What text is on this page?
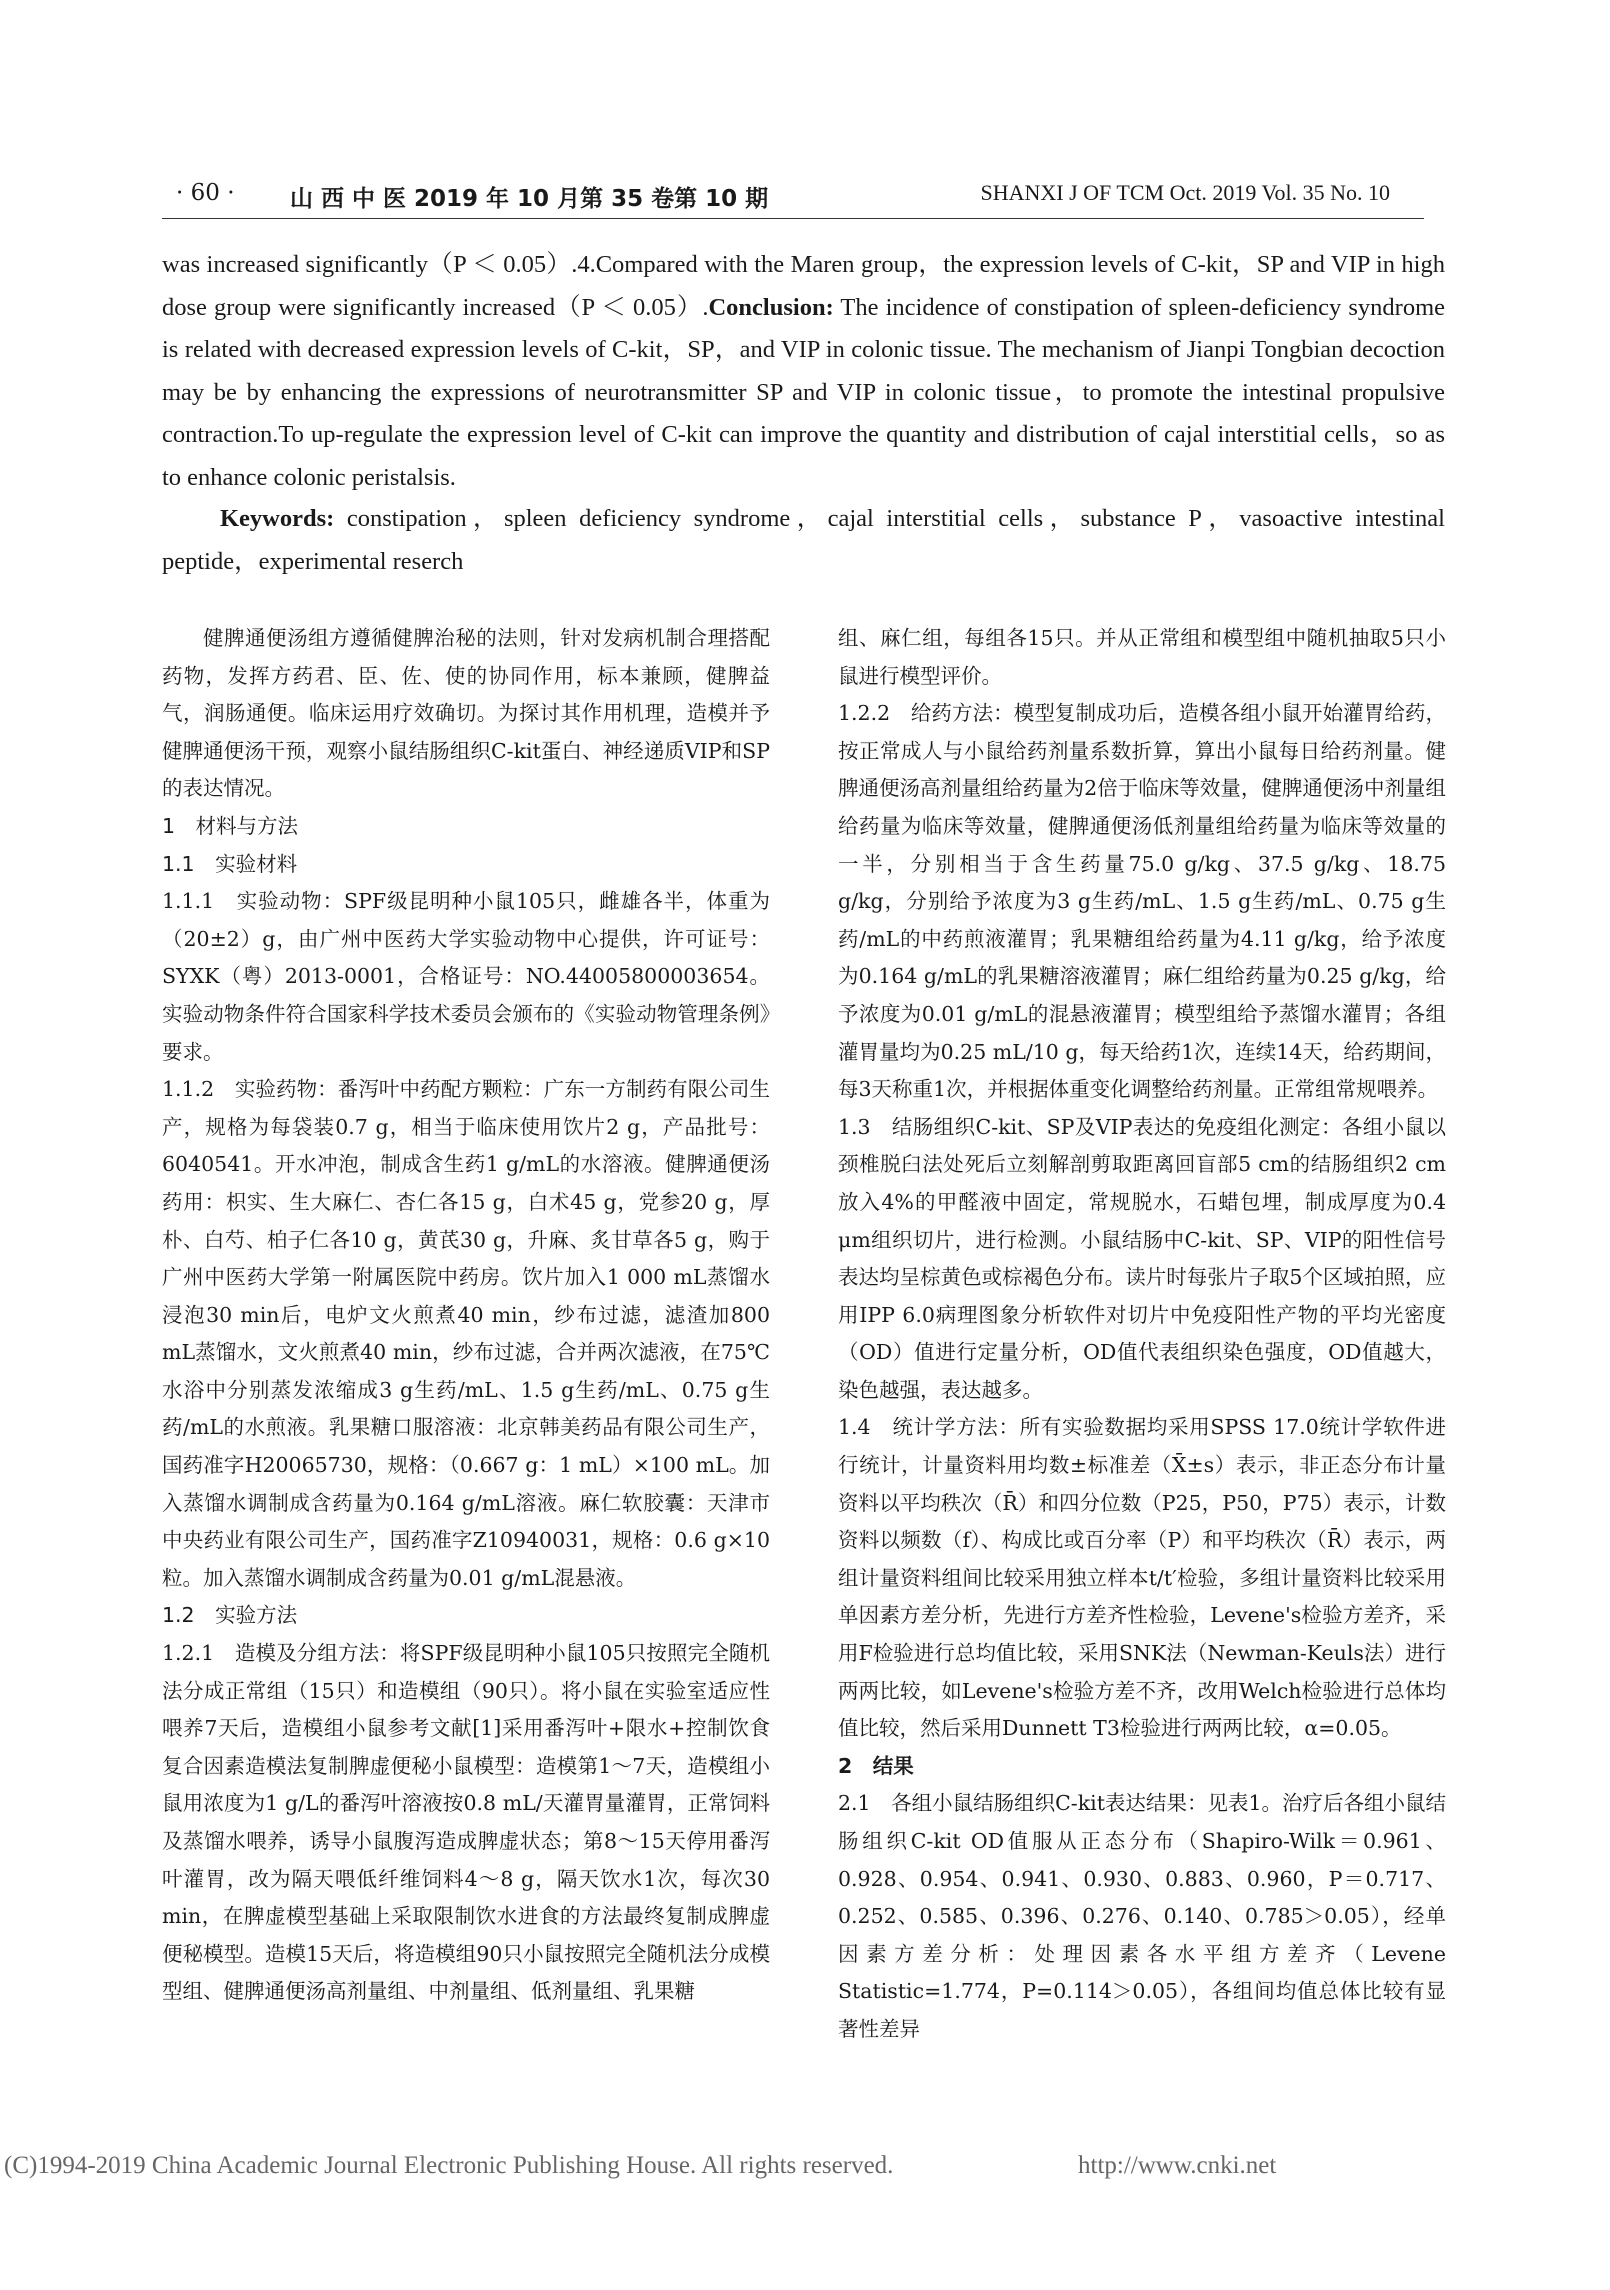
· 60 · 山 西 中 医 2019 年 10 月第 35 卷第 10 期	SHANXI J OF TCM Oct. 2019 Vol. 35 No. 10
was increased significantly（P ＜ 0.05）.4.Compared with the Maren group，the expression levels of C-kit，SP and VIP in high dose group were significantly increased（P ＜ 0.05）.Conclusion: The incidence of constipation of spleen-deficiency syndrome is related with decreased expression levels of C-kit，SP，and VIP in colonic tissue. The mechanism of Jianpi Tongbian decoction may be by enhancing the expressions of neurotransmitter SP and VIP in colonic tissue，to promote the intestinal propulsive contraction.To up-regulate the expression level of C-kit can improve the quantity and distribution of cajal interstitial cells，so as to enhance colonic peristalsis.
Keywords: constipation，spleen deficiency syndrome，cajal interstitial cells，substance P，vasoactive intestinal peptide，experimental reserch

健脾通便汤组方遵循健脾治秘的法则，针对发病机制合理搭配药物，发挥方药君、臣、佐、使的协同作用，标本兼顾，健脾益气，润肠通便。临床运用疗效确切。为探讨其作用机理，造模并予健脾通便汤干预，观察小鼠结肠组织C-kit蛋白、神经递质VIP和SP的表达情况。

1　材料与方法

1.1　实验材料

1.1.1　实验动物：SPF级昆明种小鼠105只，雌雄各半，体重为（20±2）g，由广州中医药大学实验动物中心提供，许可证号：SYXK（粤）2013-0001，合格证号：NO.44005800003654。实验动物条件符合国家科学技术委员会颁布的《实验动物管理条例》要求。

1.1.2　实验药物：番泻叶中药配方颗粒：广东一方制药有限公司生产，规格为每袋装0.7 g，相当于临床使用饮片2 g，产品批号：6040541。开水冲泡，制成含生药1 g/mL的水溶液。健脾通便汤药用：枳实、生大麻仁、杏仁各15 g，白术45 g，党参20 g，厚朴、白芍、柏子仁各10 g，黄芪30 g，升麻、炙甘草各5 g，购于广州中医药大学第一附属医院中药房。饮片加入1 000 mL蒸馏水浸泡30 min后，电炉文火煎煮40 min，纱布过滤，滤渣加800 mL蒸馏水，文火煎煮40 min，纱布过滤，合并两次滤液，在75℃水浴中分别蒸发浓缩成3 g生药/mL、1.5 g生药/mL、0.75 g生药/mL的水煎液。乳果糖口服溶液：北京韩美药品有限公司生产，国药准字H20065730，规格：（0.667 g：1 mL）×100 mL。加入蒸馏水调制成含药量为0.164 g/mL溶液。麻仁软胶囊：天津市中央药业有限公司生产，国药准字Z10940031，规格：0.6 g×10粒。加入蒸馏水调制成含药量为0.01 g/mL混悬液。

1.2　实验方法

1.2.1　造模及分组方法：将SPF级昆明种小鼠105只按照完全随机法分成正常组（15只）和造模组（90只）。将小鼠在实验室适应性喂养7天后，造模组小鼠参考文献[1]采用番泻叶+限水+控制饮食复合因素造模法复制脾虚便秘小鼠模型：造模第1～7天，造模组小鼠用浓度为1 g/L的番泻叶溶液按0.8 mL/天灌胃量灌胃，正常饲料及蒸馏水喂养，诱导小鼠腹泻造成脾虚状态；第8～15天停用番泻叶灌胃，改为隔天喂低纤维饲料4～8 g，隔天饮水1次，每次30 min，在脾虚模型基础上采取限制饮水进食的方法最终复制成脾虚便秘模型。造模15天后，将造模组90只小鼠按照完全随机法分成模型组、健脾通便汤高剂量组、中剂量组、低剂量组、乳果糖

组、麻仁组，每组各15只。并从正常组和模型组中随机抽取5只小鼠进行模型评价。

1.2.2　给药方法：模型复制成功后，造模各组小鼠开始灌胃给药，按正常成人与小鼠给药剂量系数折算，算出小鼠每日给药剂量。健脾通便汤高剂量组给药量为2倍于临床等效量，健脾通便汤中剂量组给药量为临床等效量，健脾通便汤低剂量组给药量为临床等效量的一半，分别相当于含生药量75.0 g/kg、37.5 g/kg、18.75 g/kg，分别给予浓度为3 g生药/mL、1.5 g生药/mL、0.75 g生药/mL的中药煎液灌胃；乳果糖组给药量为4.11 g/kg，给予浓度为0.164 g/mL的乳果糖溶液灌胃；麻仁组给药量为0.25 g/kg，给予浓度为0.01 g/mL的混悬液灌胃；模型组给予蒸馏水灌胃；各组灌胃量均为0.25 mL/10 g，每天给药1次，连续14天，给药期间，每3天称重1次，并根据体重变化调整给药剂量。正常组常规喂养。

1.3　结肠组织C-kit、SP及VIP表达的免疫组化测定：各组小鼠以颈椎脱臼法处死后立刻解剖剪取距离回盲部5 cm的结肠组织2 cm放入4%的甲醛液中固定，常规脱水，石蜡包埋，制成厚度为0.4 μm组织切片，进行检测。小鼠结肠中C-kit、SP、VIP的阳性信号表达均呈棕黄色或棕褐色分布。读片时每张片子取5个区域拍照，应用IPP 6.0病理图象分析软件对切片中免疫阳性产物的平均光密度（OD）值进行定量分析，OD值代表组织染色强度，OD值越大，染色越强，表达越多。

1.4　统计学方法：所有实验数据均采用SPSS 17.0统计学软件进行统计，计量资料用均数±标准差（X̄±s）表示，非正态分布计量资料以平均秩次（R̄）和四分位数（P25，P50，P75）表示，计数资料以频数（f）、构成比或百分率（P）和平均秩次（R̄）表示，两组计量资料组间比较采用独立样本t/t′检验，多组计量资料比较采用单因素方差分析，先进行方差齐性检验，Levene's检验方差齐，采用F检验进行总均值比较，采用SNK法（Newman-Keuls法）进行两两比较，如Levene's检验方差不齐，改用Welch检验进行总体均值比较，然后采用Dunnett T3检验进行两两比较，α=0.05。

2　结果

2.1　各组小鼠结肠组织C-kit表达结果：见表1。治疗后各组小鼠结肠组织C-kit OD值服从正态分布（Shapiro-Wilk＝0.961、0.928、0.954、0.941、0.930、0.883、0.960，P＝0.717、0.252、0.585、0.396、0.276、0.140、0.785＞0.05），经单因素方差分析：处理因素各水平组方差齐（Levene Statistic=1.774，P=0.114＞0.05），各组间均值总体比较有显著性差异

(C)1994-2019 China Academic Journal Electronic Publishing House. All rights reserved.	http://www.cnki.net
